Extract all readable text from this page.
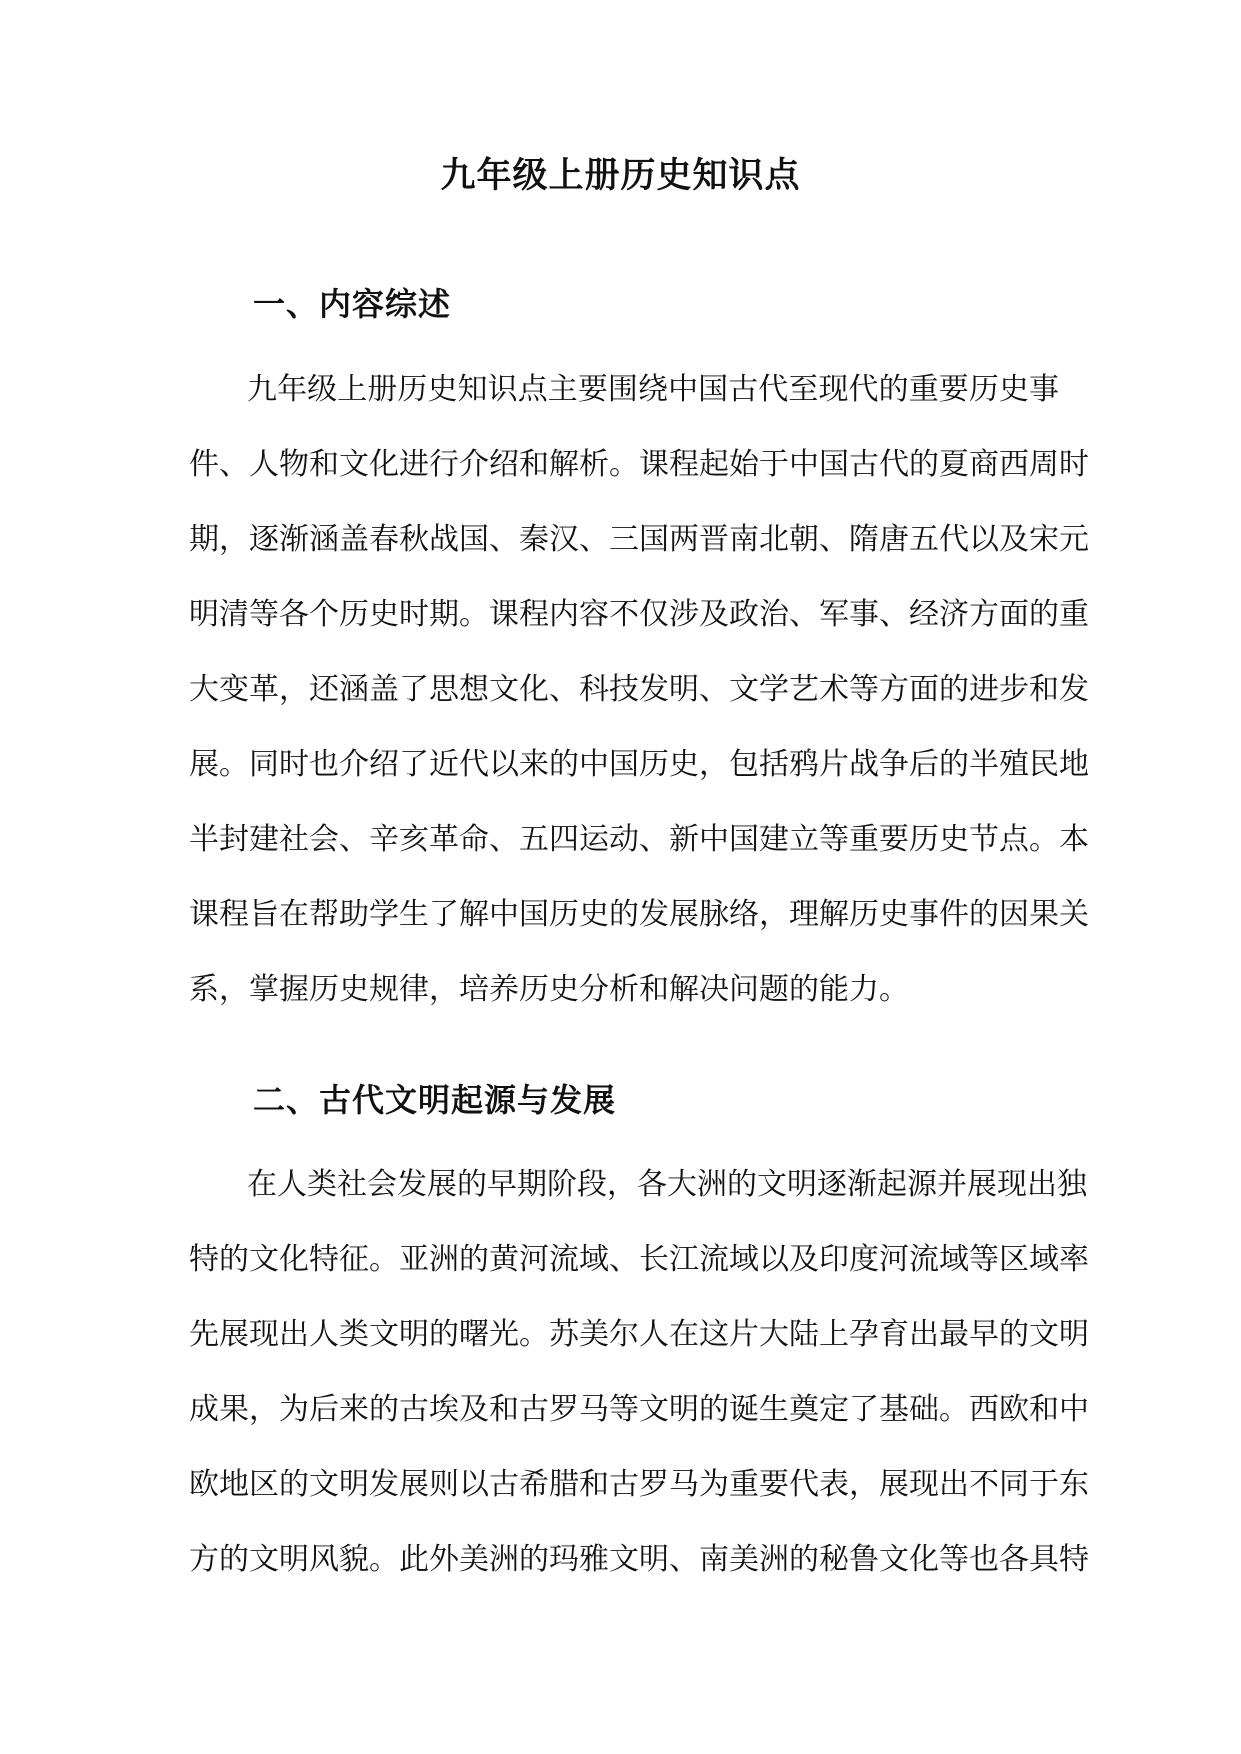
九年级上册历史知识点
一、内容综述
九年级上册历史知识点主要围绕中国古代至现代的重要历史事
件、人物和文化进行介绍和解析。课程起始于中国古代的夏商西周时
期，逐渐涵盖春秋战国、秦汉、三国两晋南北朝、隋唐五代以及宋元
明清等各个历史时期。课程内容不仅涉及政治、军事、经济方面的重
大变革，还涵盖了思想文化、科技发明、文学艺术等方面的进步和发
展。同时也介绍了近代以来的中国历史，包括鸦片战争后的半殖民地
半封建社会、辛亥革命、五四运动、新中国建立等重要历史节点。本
课程旨在帮助学生了解中国历史的发展脉络，理解历史事件的因果关
系，掌握历史规律，培养历史分析和解决问题的能力。
二、古代文明起源与发展
在人类社会发展的早期阶段，各大洲的文明逐渐起源并展现出独
特的文化特征。亚洲的黄河流域、长江流域以及印度河流域等区域率
先展现出人类文明的曙光。苏美尔人在这片大陆上孕育出最早的文明
成果，为后来的古埃及和古罗马等文明的诞生奠定了基础。西欧和中
欧地区的文明发展则以古希腊和古罗马为重要代表，展现出不同于东
方的文明风貌。此外美洲的玛雅文明、南美洲的秘鲁文化等也各具特
